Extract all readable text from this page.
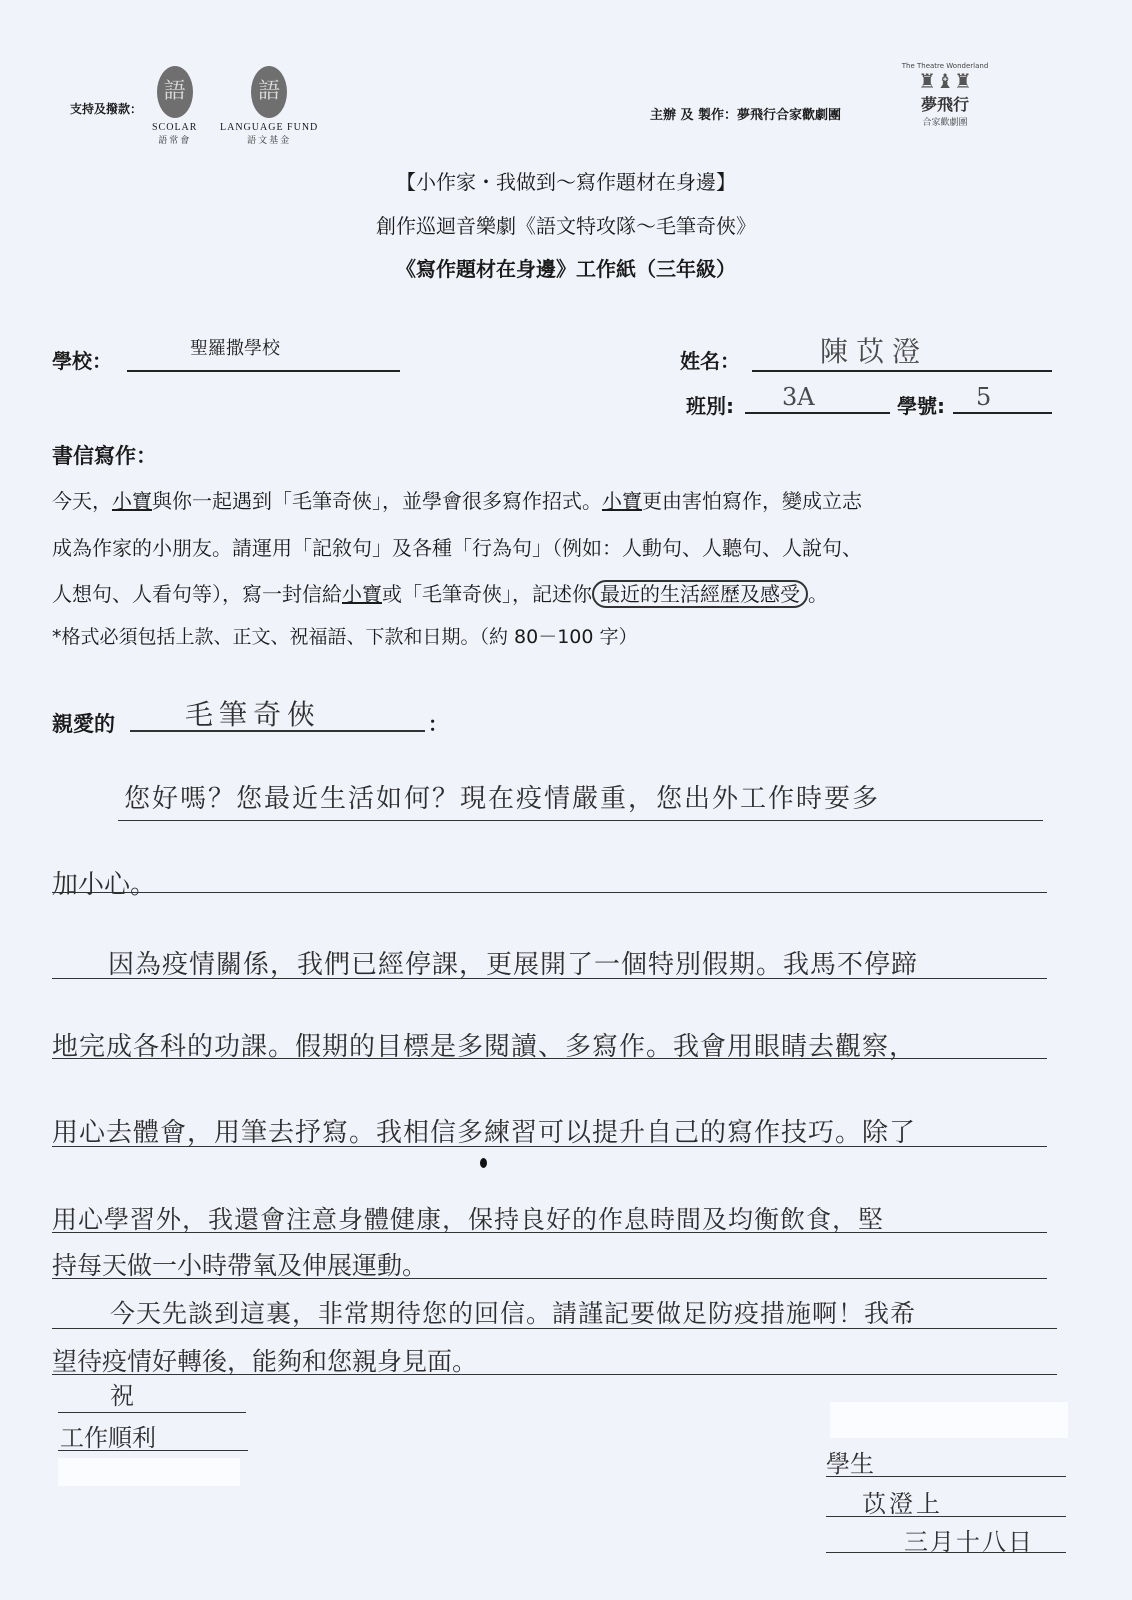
支持及撥款：
語
SCOLAR
語常會
語
LANGUAGE FUND
語文基金
主辦 及 製作：夢飛行合家歡劇團
The Theatre Wonderland
♜♝♜
夢飛行
合家歡劇團
【小作家・我做到～寫作題材在身邊】
創作巡迴音樂劇《語文特攻隊～毛筆奇俠》
《寫作題材在身邊》工作紙（三年級）
學校：
聖羅撒學校
姓名：	陳苡澄
班別: 3A	學號: 5
書信寫作：
今天，小寶與你一起遇到「毛筆奇俠」，並學會很多寫作招式。小寶更由害怕寫作，變成立志
成為作家的小朋友。請運用「記敘句」及各種「行為句」（例如：人動句、人聽句、人說句、
人想句、人看句等），寫一封信給小寶或「毛筆奇俠」，記述你 最近的生活經歷及感受 。
*格式必須包括上款、正文、祝福語、下款和日期。（約 80－100 字）
親愛的	毛筆奇俠	：
您好嗎？您最近生活如何？現在疫情嚴重，您出外工作時要多
加小心。
因為疫情關係，我們已經停課，更展開了一個特別假期。我馬不停蹄
地完成各科的功課。假期的目標是多閱讀、多寫作。我會用眼睛去觀察，
用心去體會，用筆去抒寫。我相信多練習可以提升自己的寫作技巧。除了
用心學習外，我還會注意身體健康，保持良好的作息時間及均衡飲食，堅
持每天做一小時帶氧及伸展運動。
今天先談到這裏，非常期待您的回信。請謹記要做足防疫措施啊！我希
望待疫情好轉後，能夠和您親身見面。
祝
工作順利
學生
苡澄上
三月十八日
